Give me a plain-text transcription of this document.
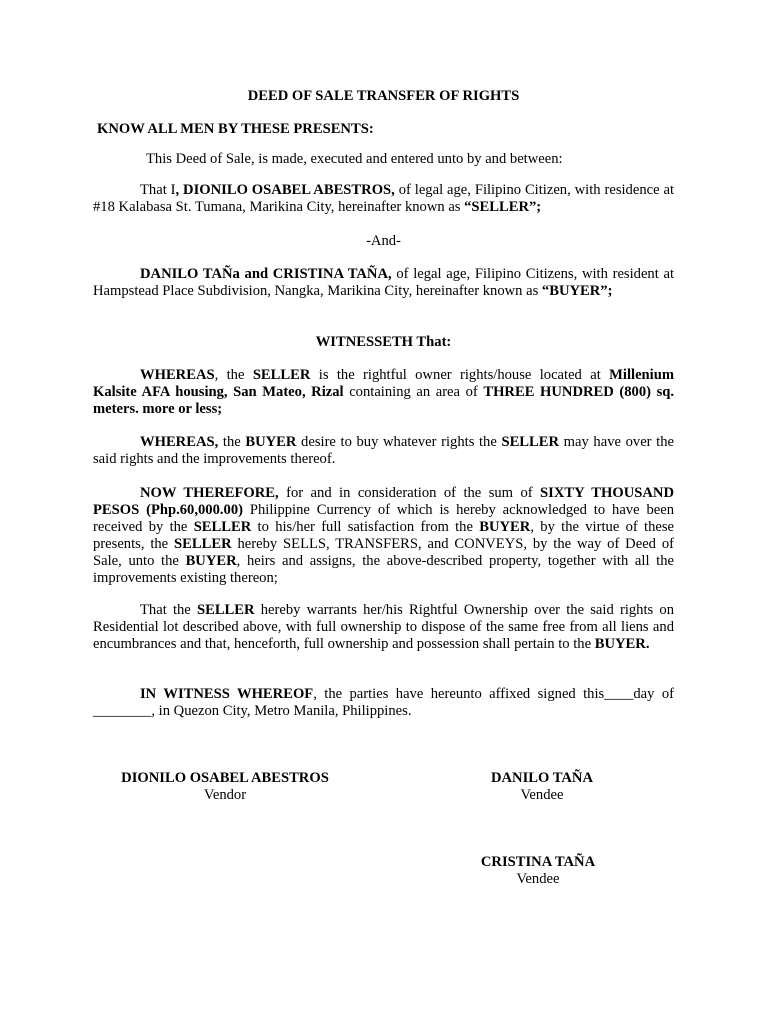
DEED OF SALE TRANSFER OF RIGHTS

KNOW ALL MEN BY THESE PRESENTS:

This Deed of Sale, is made, executed and entered unto by and between:

That I, DIONILO OSABEL ABESTROS, of legal age, Filipino Citizen, with residence at #18 Kalabasa St. Tumana, Marikina City, hereinafter known as “SELLER”;

-And-

DANILO TAÑa and CRISTINA TAÑA, of legal age, Filipino Citizens, with resident at Hampstead Place Subdivision, Nangka, Marikina City, hereinafter known as “BUYER”;

WITNESSETH That:

WHEREAS, the SELLER is the rightful owner rights/house located at Millenium Kalsite AFA housing, San Mateo, Rizal containing an area of THREE HUNDRED (800) sq. meters. more or less;

WHEREAS, the BUYER desire to buy whatever rights the SELLER may have over the said rights and the improvements thereof.

NOW THEREFORE, for and in consideration of the sum of SIXTY THOUSAND PESOS (Php.60,000.00) Philippine Currency of which is hereby acknowledged to have been received by the SELLER to his/her full satisfaction from the BUYER, by the virtue of these presents, the SELLER hereby SELLS, TRANSFERS, and CONVEYS, by the way of Deed of Sale, unto the BUYER, heirs and assigns, the above-described property, together with all the improvements existing thereon;

That the SELLER hereby warrants her/his Rightful Ownership over the said rights on Residential lot described above, with full ownership to dispose of the same free from all liens and encumbrances and that, henceforth, full ownership and possession shall pertain to the BUYER.

IN WITNESS WHEREOF, the parties have hereunto affixed signed this____day of ________, in Quezon City, Metro Manila, Philippines.

DIONILO OSABEL ABESTROS
Vendor
DANILO TAÑA
Vendee
CRISTINA TAÑA
Vendee
